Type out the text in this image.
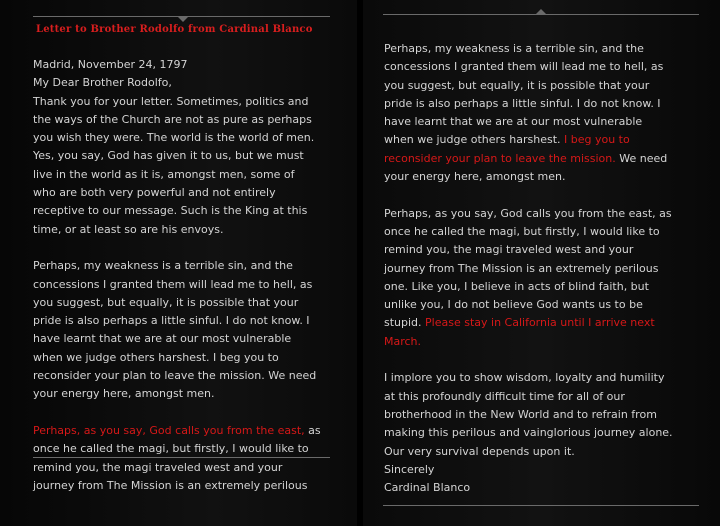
Letter to Brother Rodolfo from Cardinal Blanco

Madrid, November 24, 1797

My Dear Brother Rodolfo,

Thank you for your letter. Sometimes, politics and

the ways of the Church are not as pure as perhaps

you wish they were. The world is the world of men.

Yes, you say, God has given it to us, but we must

live in the world as it is, amongst men, some of

who are both very powerful and not entirely

receptive to our message. Such is the King at this

time, or at least so are his envoys.

Perhaps, my weakness is a terrible sin, and the

concessions I granted them will lead me to hell, as

you suggest, but equally, it is possible that your

pride is also perhaps a little sinful. I do not know. I

have learnt that we are at our most vulnerable

when we judge others harshest. I beg you to

reconsider your plan to leave the mission. We need

your energy here, amongst men.

Perhaps, as you say, God calls you from the east, as

once he called the magi, but firstly, I would like to

remind you, the magi traveled west and your

journey from The Mission is an extremely perilous

Perhaps, my weakness is a terrible sin, and the

concessions I granted them will lead me to hell, as

you suggest, but equally, it is possible that your

pride is also perhaps a little sinful. I do not know. I

have learnt that we are at our most vulnerable

when we judge others harshest. I beg you to

reconsider your plan to leave the mission. We need

your energy here, amongst men.

Perhaps, as you say, God calls you from the east, as

once he called the magi, but firstly, I would like to

remind you, the magi traveled west and your

journey from The Mission is an extremely perilous

one. Like you, I believe in acts of blind faith, but

unlike you, I do not believe God wants us to be

stupid. Please stay in California until I arrive next

March.

I implore you to show wisdom, loyalty and humility

at this profoundly difficult time for all of our

brotherhood in the New World and to refrain from

making this perilous and vainglorious journey alone.

Our very survival depends upon it.

Sincerely

Cardinal Blanco
